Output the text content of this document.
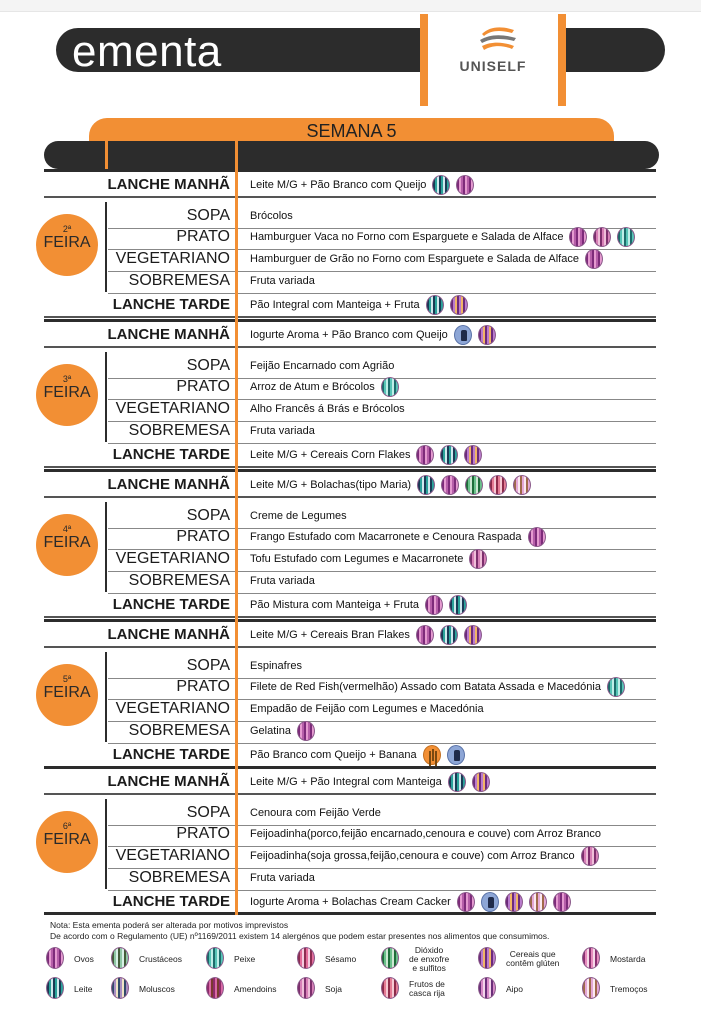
ementa	UNISELF
SEMANA 5
LANCHE MANHÃ Leite M/G + Pão Branco com Queijo
SOPA Brócolos
PRATO Hamburguer Vaca no Forno com Esparguete e Salada de Alface
VEGETARIANO Hamburguer de Grão no Forno com Esparguete e Salada de Alface
SOBREMESA Fruta variada
LANCHE TARDE Pão Integral com Manteiga + Fruta
2ª
FEIRA
LANCHE MANHÃ Iogurte Aroma + Pão Branco com Queijo
SOPA Feijão Encarnado com Agrião
PRATO Arroz de Atum e Brócolos
VEGETARIANO Alho Francês á Brás e Brócolos
SOBREMESA Fruta variada
LANCHE TARDE Leite M/G + Cereais Corn Flakes
3ª
FEIRA
LANCHE MANHÃ Leite M/G + Bolachas(tipo Maria)
SOPA Creme de Legumes
PRATO Frango Estufado com Macarronete e Cenoura Raspada
VEGETARIANO Tofu Estufado com Legumes e Macarronete
SOBREMESA Fruta variada
LANCHE TARDE Pão Mistura com Manteiga + Fruta
4ª
FEIRA
LANCHE MANHÃ Leite M/G + Cereais Bran Flakes
SOPA Espinafres
PRATO Filete de Red Fish(vermelhão) Assado com Batata Assada e Macedónia
VEGETARIANO Empadão de Feijão com Legumes e Macedónia
SOBREMESA Gelatina
LANCHE TARDE Pão Branco com Queijo + Banana
5ª
FEIRA
LANCHE MANHÃ Leite M/G + Pão Integral com Manteiga
SOPA Cenoura com Feijão Verde
PRATO Feijoadinha(porco,feijão encarnado,cenoura e couve) com Arroz Branco
VEGETARIANO Feijoadinha(soja grossa,feijão,cenoura e couve) com Arroz Branco
SOBREMESA Fruta variada
LANCHE TARDE Iogurte Aroma + Bolachas Cream Cacker
6ª
FEIRA
Nota: Esta ementa poderá ser alterada por motivos imprevistos
De acordo com o Regulamento (UE) nº1169/2011 existem 14 alergénos que podem estar presentes nos alimentos que consumimos.
Ovos	Crustáceos	Peixe	Sésamo
Dióxido
de enxofre
e sulfitos
Cereais que
contêm glúten	Mostarda
Leite	Moluscos	Amendoins	Soja	Frutos de
casca rija	Aipo	Tremoços
